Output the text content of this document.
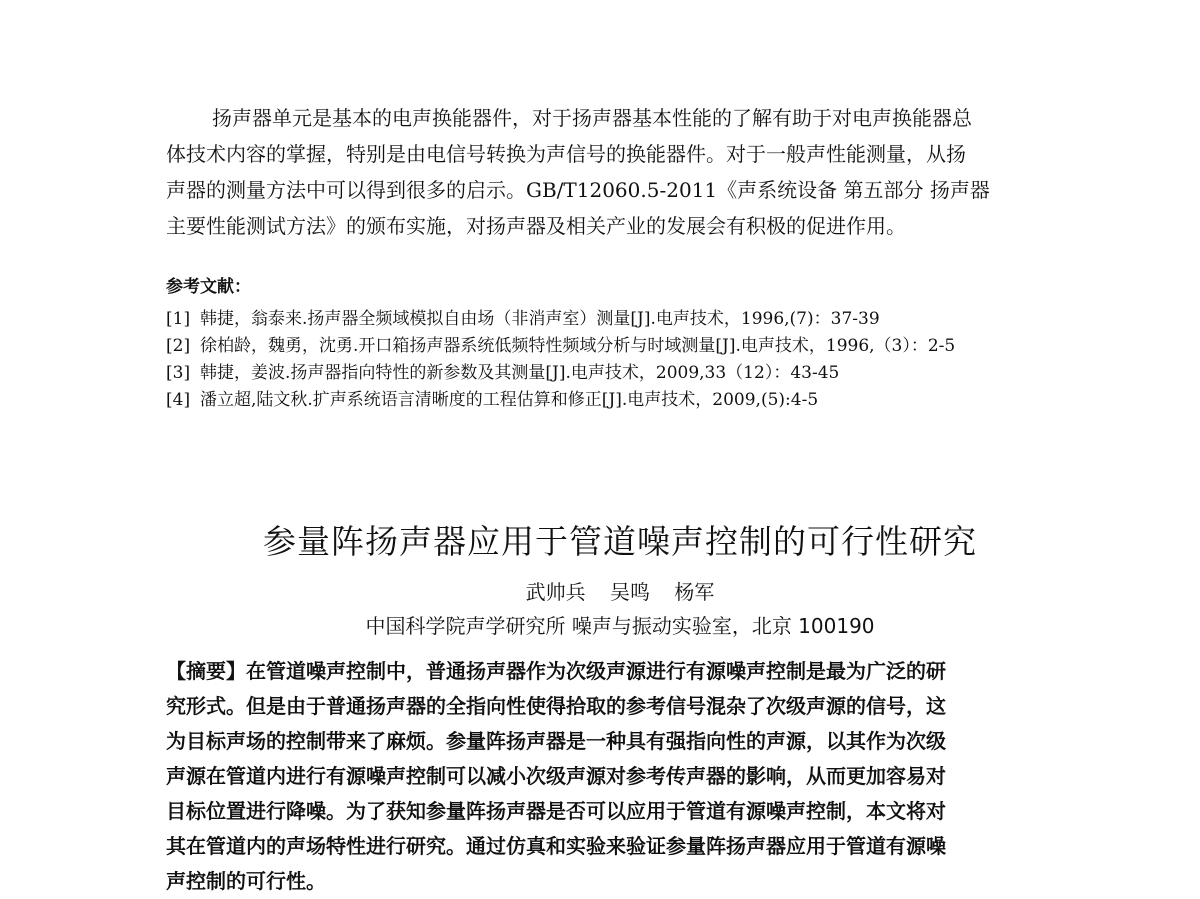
扬声器单元是基本的电声换能器件，对于扬声器基本性能的了解有助于对电声换能器总
体技术内容的掌握，特别是由电信号转换为声信号的换能器件。对于一般声性能测量，从扬
声器的测量方法中可以得到很多的启示。GB/T12060.5-2011《声系统设备 第五部分 扬声器
主要性能测试方法》的颁布实施，对扬声器及相关产业的发展会有积极的促进作用。
参考文献：
[1] 韩捷，翁泰来.扬声器全频域模拟自由场（非消声室）测量[J].电声技术，1996,(7)：37-39
[2] 徐柏龄，魏勇，沈勇.开口箱扬声器系统低频特性频域分析与时域测量[J].电声技术，1996,（3）：2-5
[3] 韩捷，姜波.扬声器指向特性的新参数及其测量[J].电声技术，2009,33（12）：43-45
[4] 潘立超,陆文秋.扩声系统语言清晰度的工程估算和修正[J].电声技术，2009,(5):4-5
参量阵扬声器应用于管道噪声控制的可行性研究

武帅兵 吴鸣 杨军

中国科学院声学研究所 噪声与振动实验室，北京 100190

【摘要】在管道噪声控制中，普通扬声器作为次级声源进行有源噪声控制是最为广泛的研
究形式。但是由于普通扬声器的全指向性使得拾取的参考信号混杂了次级声源的信号，这
为目标声场的控制带来了麻烦。参量阵扬声器是一种具有强指向性的声源，以其作为次级
声源在管道内进行有源噪声控制可以减小次级声源对参考传声器的影响，从而更加容易对
目标位置进行降噪。为了获知参量阵扬声器是否可以应用于管道有源噪声控制，本文将对
其在管道内的声场特性进行研究。通过仿真和实验来验证参量阵扬声器应用于管道有源噪
声控制的可行性。
